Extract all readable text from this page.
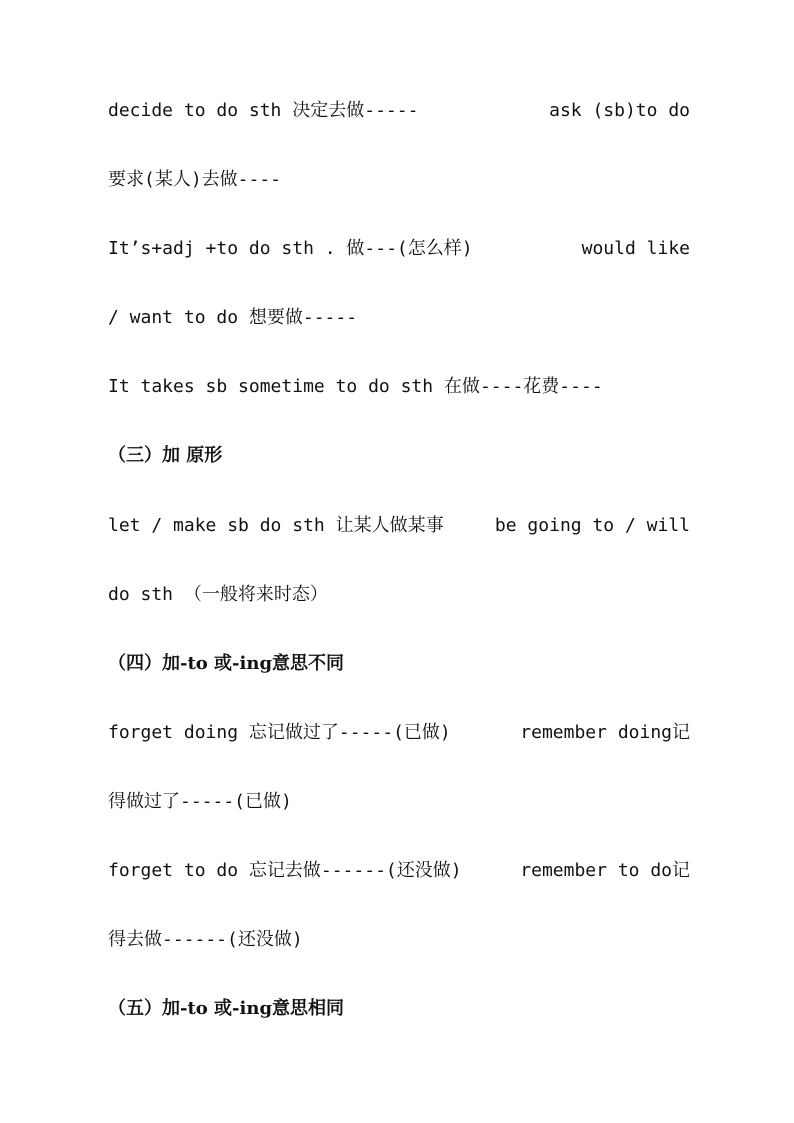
decide to do sth 决定去做-----	ask (sb)to do
要求(某人)去做----
It’s+adj +to do sth . 做---(怎么样)	would like
/ want to do 想要做-----
It takes sb sometime to do sth 在做----花费----
（三）加 原形
let / make sb do sth 让某人做某事	be going to / will
do sth （一般将来时态）
（四）加-to 或-ing意思不同
forget doing 忘记做过了-----(已做)	remember doing记
得做过了-----(已做)
forget to do 忘记去做------(还没做)	remember to do记
得去做------(还没做)
（五）加-to 或-ing意思相同
